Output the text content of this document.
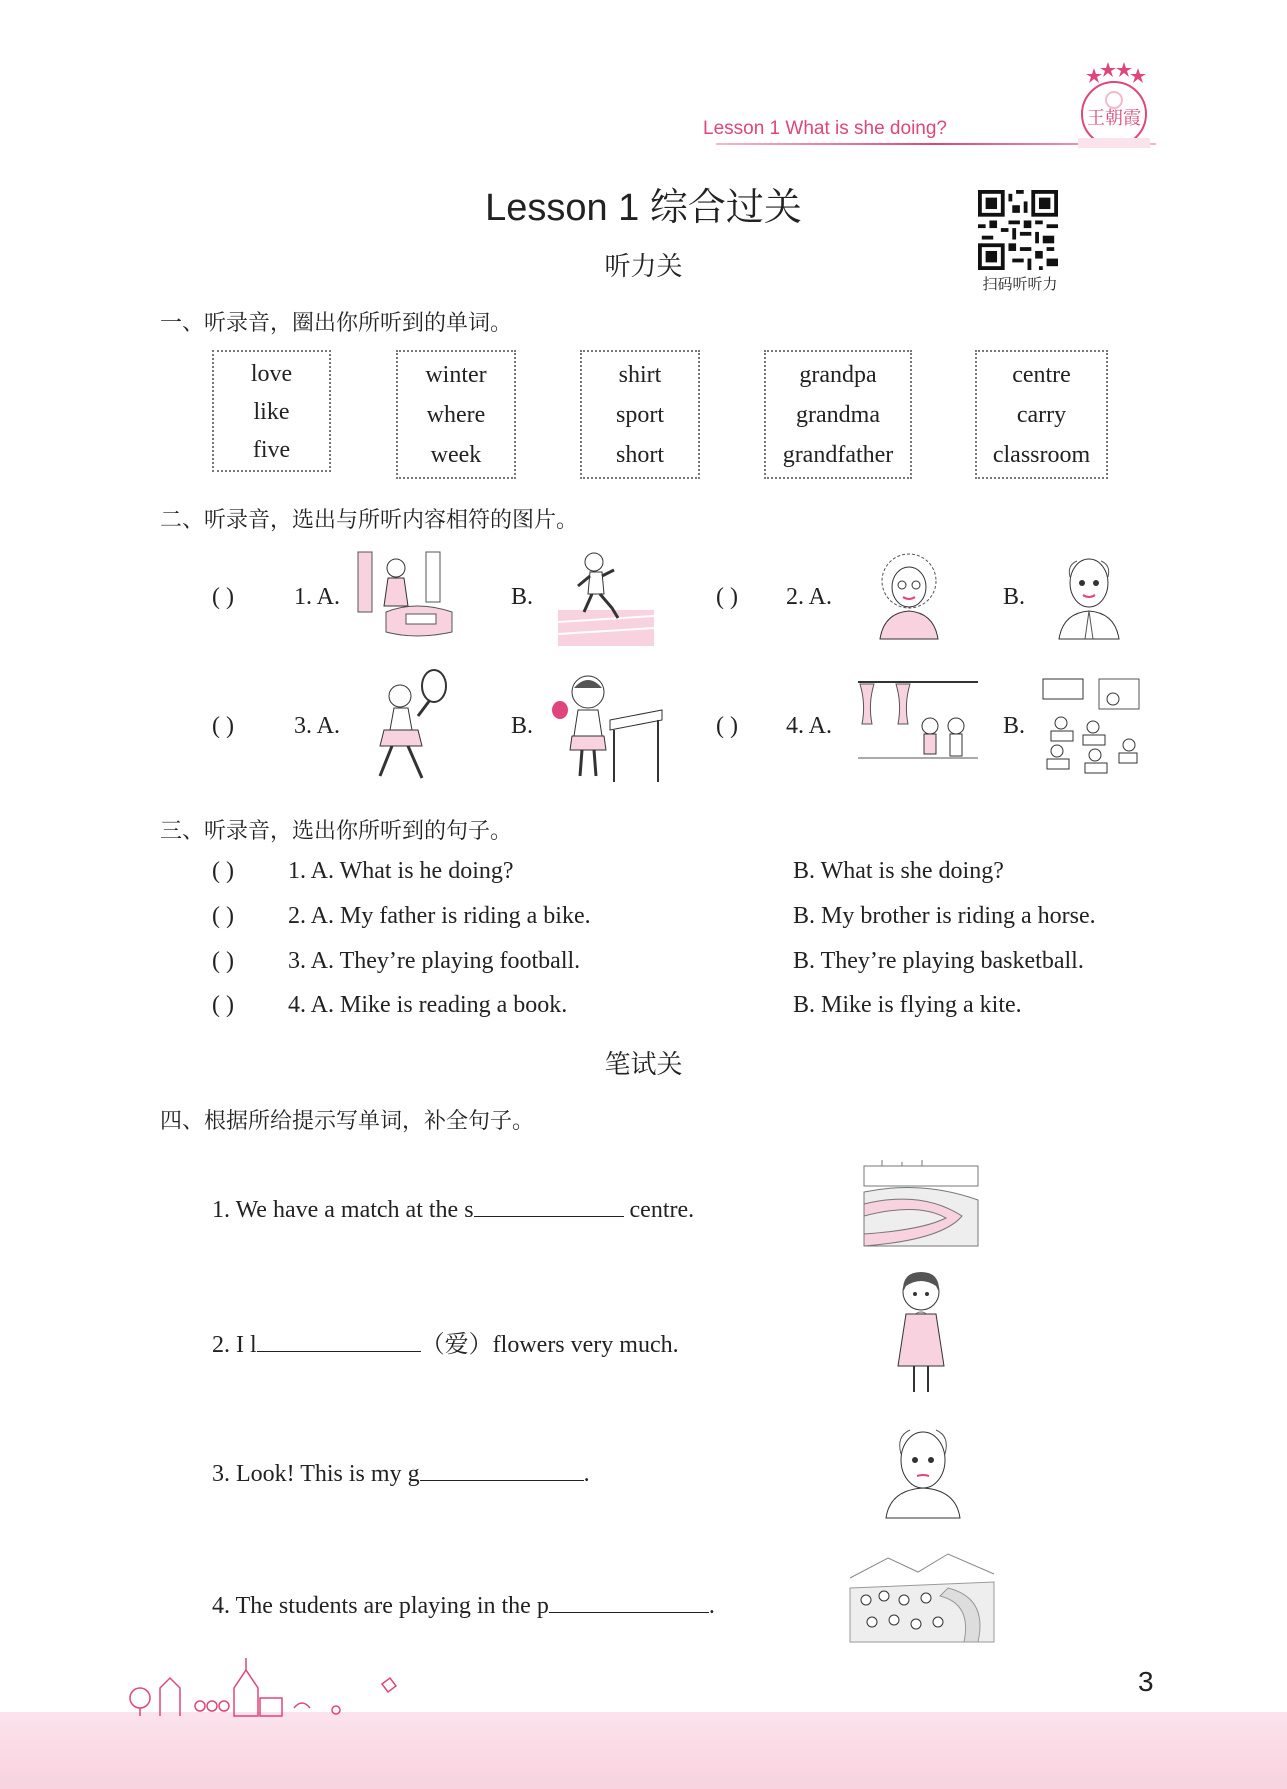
Lesson 1 What is she doing?	王朝霞
Lesson 1 综合过关
听力关
扫码听听力
一、听录音，圈出你所听到的单词。
love
like
five
winter
where
week
shirt
sport
short
grandpa
grandma
grandfather
centre
carry
classroom
二、听录音，选出与所听内容相符的图片。
( )	1. A.	B.	( ) 2. A.	B.
( )	3. A.	B.	( ) 4. A.	B.
三、听录音，选出你所听到的句子。
( ) 1. A. What is he doing?	B. What is she doing?
( ) 2. A. My father is riding a bike.	B. My brother is riding a horse.
( ) 3. A. They’re playing football.	B. They’re playing basketball.
( ) 4. A. Mike is reading a book.	B. Mike is flying a kite.
笔试关
四、根据所给提示写单词，补全句子。
1. We have a match at the s	centre.
2. I l	（爱）flowers very much.
3. Look! This is my g	.
4. The students are playing in the p	.
3
